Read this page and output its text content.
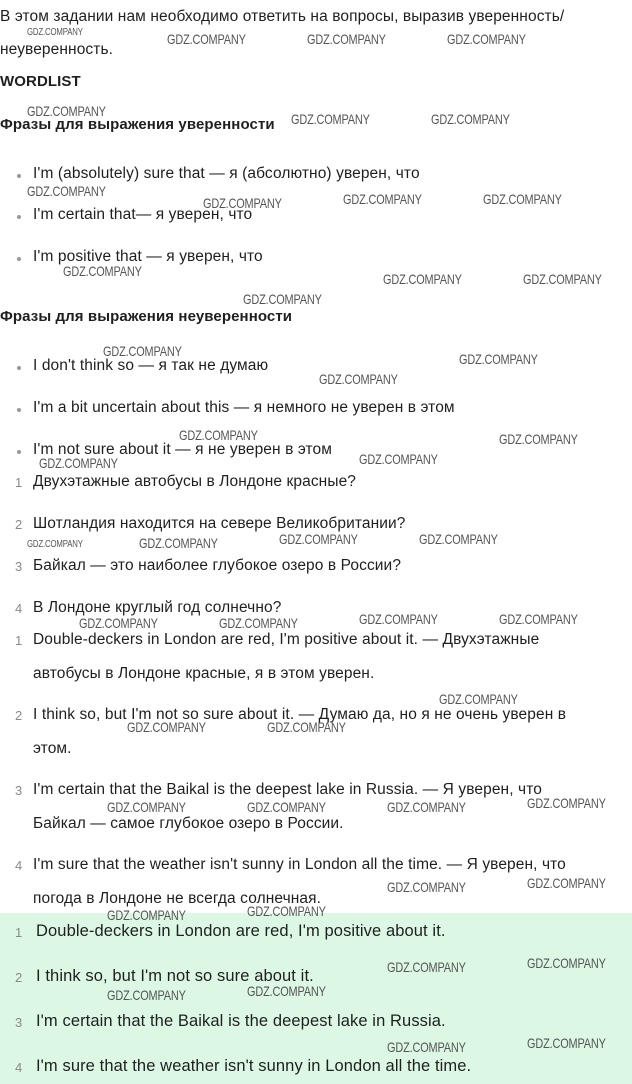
В этом задании нам необходимо ответить на вопросы, выразив уверенность/
неуверенность.
WORDLIST
Фразы для выражения уверенности
I'm (absolutely) sure that — я (абсолютно) уверен, что
I'm certain that— я уверен, что
I'm positive that — я уверен, что
Фразы для выражения неуверенности
I don't think so — я так не думаю
I'm a bit uncertain about this — я немного не уверен в этом
I'm not sure about it — я не уверен в этом
1 Двухэтажные автобусы в Лондоне красные?
2 Шотландия находится на севере Великобритании?
3 Байкал — это наиболее глубокое озеро в России?
4 В Лондоне круглый год солнечно?
1 Double-deckers in London are red, I'm positive about it. — Двухэтажные
автобусы в Лондоне красные, я в этом уверен.
2 I think so, but I'm not so sure about it. — Думаю да, но я не очень уверен в
этом.
3 I'm certain that the Baikal is the deepest lake in Russia. — Я уверен, что
Байкал — самое глубокое озеро в России.
4 I'm sure that the weather isn't sunny in London all the time. — Я уверен, что
погода в Лондоне не всегда солнечная.
1 Double-deckers in London are red, I'm positive about it.
2 I think so, but I'm not so sure about it.
3 I'm certain that the Baikal is the deepest lake in Russia.
4 I'm sure that the weather isn't sunny in London all the time.
GDZ.COMPANY	GDZ.COMPANY	GDZ.COMPANY	GDZ.COMPANY
GDZ.COMPANY	GDZ.COMPANY	GDZ.COMPANY
GDZ.COMPANY	GDZ.COMPANY	GDZ.COMPANY
GDZ.COMPANY
GDZ.COMPANY	GDZ.COMPANY	GDZ.COMPANY
GDZ.COMPANY
GDZ.COMPANY	GDZ.COMPANY
GDZ.COMPANY
GDZ.COMPANY	GDZ.COMPANY
GDZ.COMPANY
GDZ.COMPANY
GDZ.COMPANY	GDZ.COMPANY	GDZ.COMPANY
GDZ.COMPANY
GDZ.COMPANY	GDZ.COMPANY
GDZ.COMPANY	GDZ.COMPANY
GDZ.COMPANY
GDZ.COMPANY	GDZ.COMPANY
GDZ.COMPANY
GDZ.COMPANY	GDZ.COMPANY	GDZ.COMPANY
GDZ.COMPANY
GDZ.COMPANY
GDZ.COMPANY
GDZ.COMPANY
GDZ.COMPANY
GDZ.COMPANY
GDZ.COMPANY
GDZ.COMPANY
GDZ.COMPANY
GDZ.COMPANY
